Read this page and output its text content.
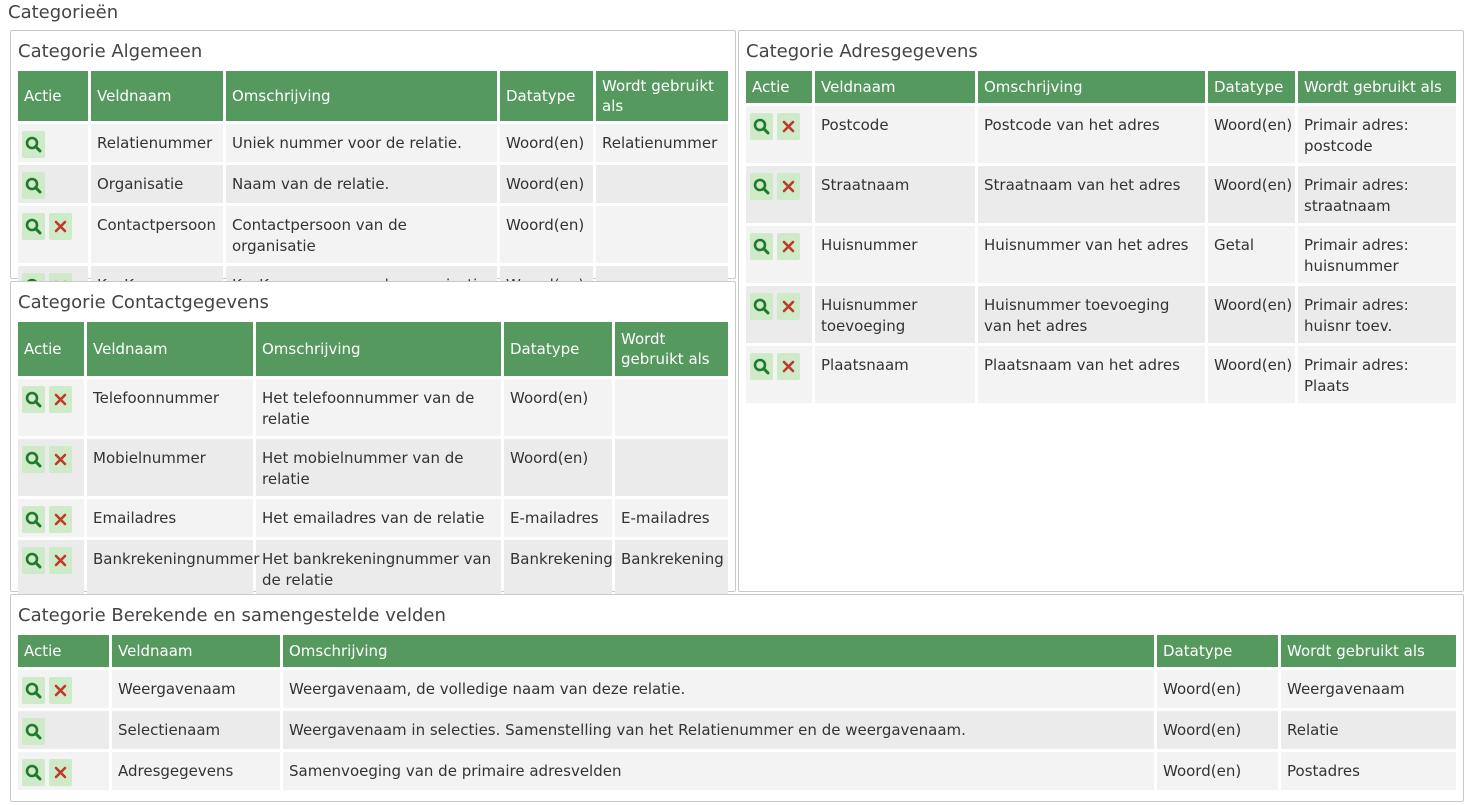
Categorieën
Categorie Algemeen
Actie	Veldnaam	Omschrijving	Datatype	Wordt gebruikt als

	Relatienummer	Uniek nummer voor de relatie.	Woord(en)	Relatienummer

	Organisatie	Naam van de relatie.	Woord(en)	

	Contactpersoon	Contactpersoon van de organisatie	Woord(en)	

Categorie Adresgegevens
Actie	Veldnaam	Omschrijving	Datatype	Wordt gebruikt als

	Postcode	Postcode van het adres	Woord(en)	Primair adres: postcode

	Straatnaam	Straatnaam van het adres	Woord(en)	Primair adres: straatnaam

	Huisnummer	Huisnummer van het adres	Getal	Primair adres: huisnummer

	Huisnummer toevoeging	Huisnummer toevoeging van het adres	Woord(en)	Primair adres: huisnr toev.

	Plaatsnaam	Plaatsnaam van het adres	Woord(en)	Primair adres: Plaats
Categorie Contactgegevens
Actie	Veldnaam	Omschrijving	Datatype	Wordt gebruikt als

	Telefoonnummer	Het telefoonnummer van de relatie	Woord(en)	

	Mobielnummer	Het mobielnummer van de relatie	Woord(en)	

	Emailadres	Het emailadres van de relatie	E-mailadres	E-mailadres

	Bankrekeningnummer	Het bankrekeningnummer van de relatie	Bankrekening	Bankrekening
Categorie Berekende en samengestelde velden
Actie	Veldnaam	Omschrijving	Datatype	Wordt gebruikt als

	Weergavenaam	Weergavenaam, de volledige naam van deze relatie.	Woord(en)	Weergavenaam

	Selectienaam	Weergavenaam in selecties. Samenstelling van het Relatienummer en de weergavenaam.	Woord(en)	Relatie

	Adresgegevens	Samenvoeging van de primaire adresvelden	Woord(en)	Postadres
